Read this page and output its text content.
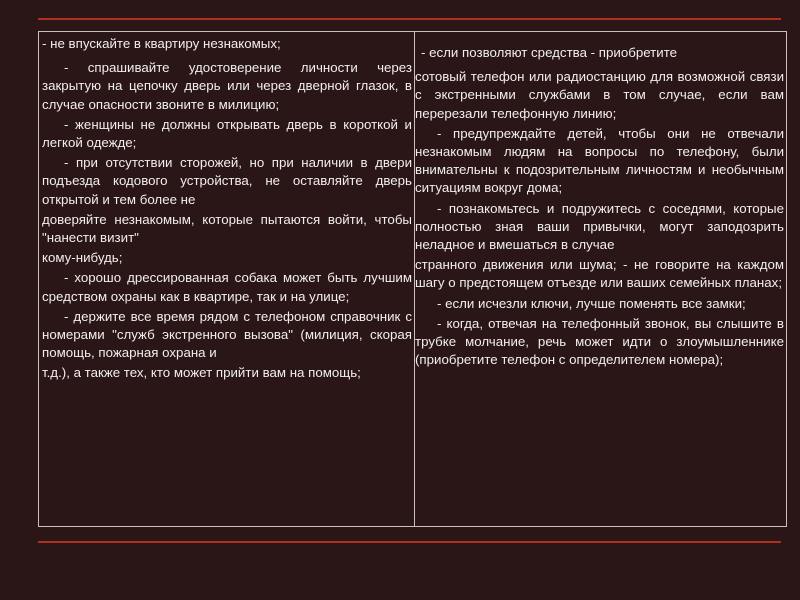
- не впускайте в квартиру незнакомых;

- спрашивайте удостоверение личности через закрытую на цепочку дверь или через дверной глазок, в случае опасности звоните в милицию;

- женщины не должны открывать дверь в короткой и легкой одежде;

- при отсутствии сторожей, но при наличии в двери подъезда кодового устройства, не оставляйте дверь открытой и тем более не

доверяйте незнакомым, которые пытаются войти, чтобы "нанести визит"

кому-нибудь;

- хорошо дрессированная собака может быть лучшим средством охраны как в квартире, так и на улице;

- держите все время рядом с телефоном справочник с номерами "служб экстренного вызова" (милиция, скорая помощь, пожарная охрана и

т.д.), а также тех, кто может прийти вам на помощь;

- если позволяют средства - приобретите

сотовый телефон или радиостанцию для возможной связи с экстренными службами в том случае, если вам перерезали телефонную линию;

- предупреждайте детей, чтобы они не отвечали незнакомым людям на вопросы по телефону, были внимательны к подозрительным личностям и необычным ситуациям вокруг дома;

- познакомьтесь и подружитесь с соседями, которые полностью зная ваши привычки, могут заподозрить неладное и вмешаться в случае

странного движения или шума; - не говорите на каждом шагу о предстоящем отъезде или ваших семейных планах;

- если исчезли ключи, лучше поменять все замки;

- когда, отвечая на телефонный звонок, вы слышите в трубке молчание, речь может идти о злоумышленнике (приобретите телефон с определителем номера);
